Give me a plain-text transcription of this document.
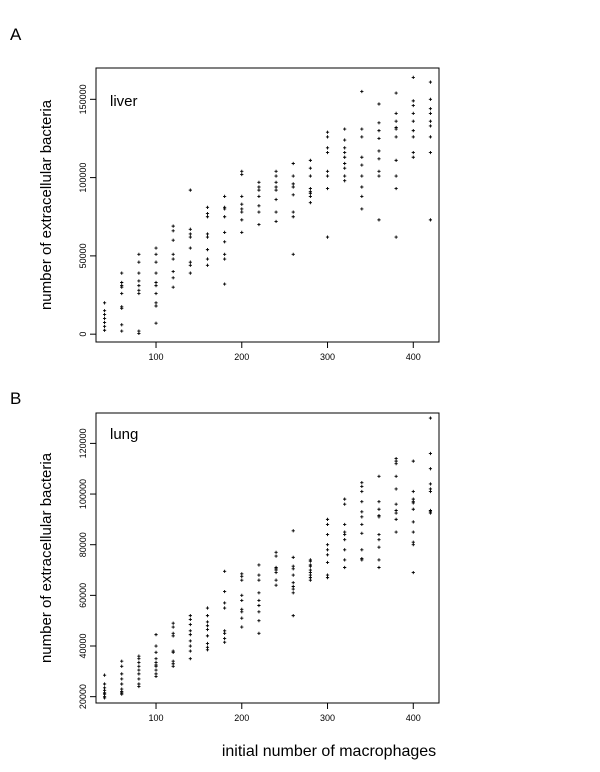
A
liver
number of extracellular bacteria
100	200	300	400
0
50000
100000
150000
B
lung
number of extracellular bacteria
100	200	300	400
20000
40000
60000
80000
100000
120000
initial number of macrophages
